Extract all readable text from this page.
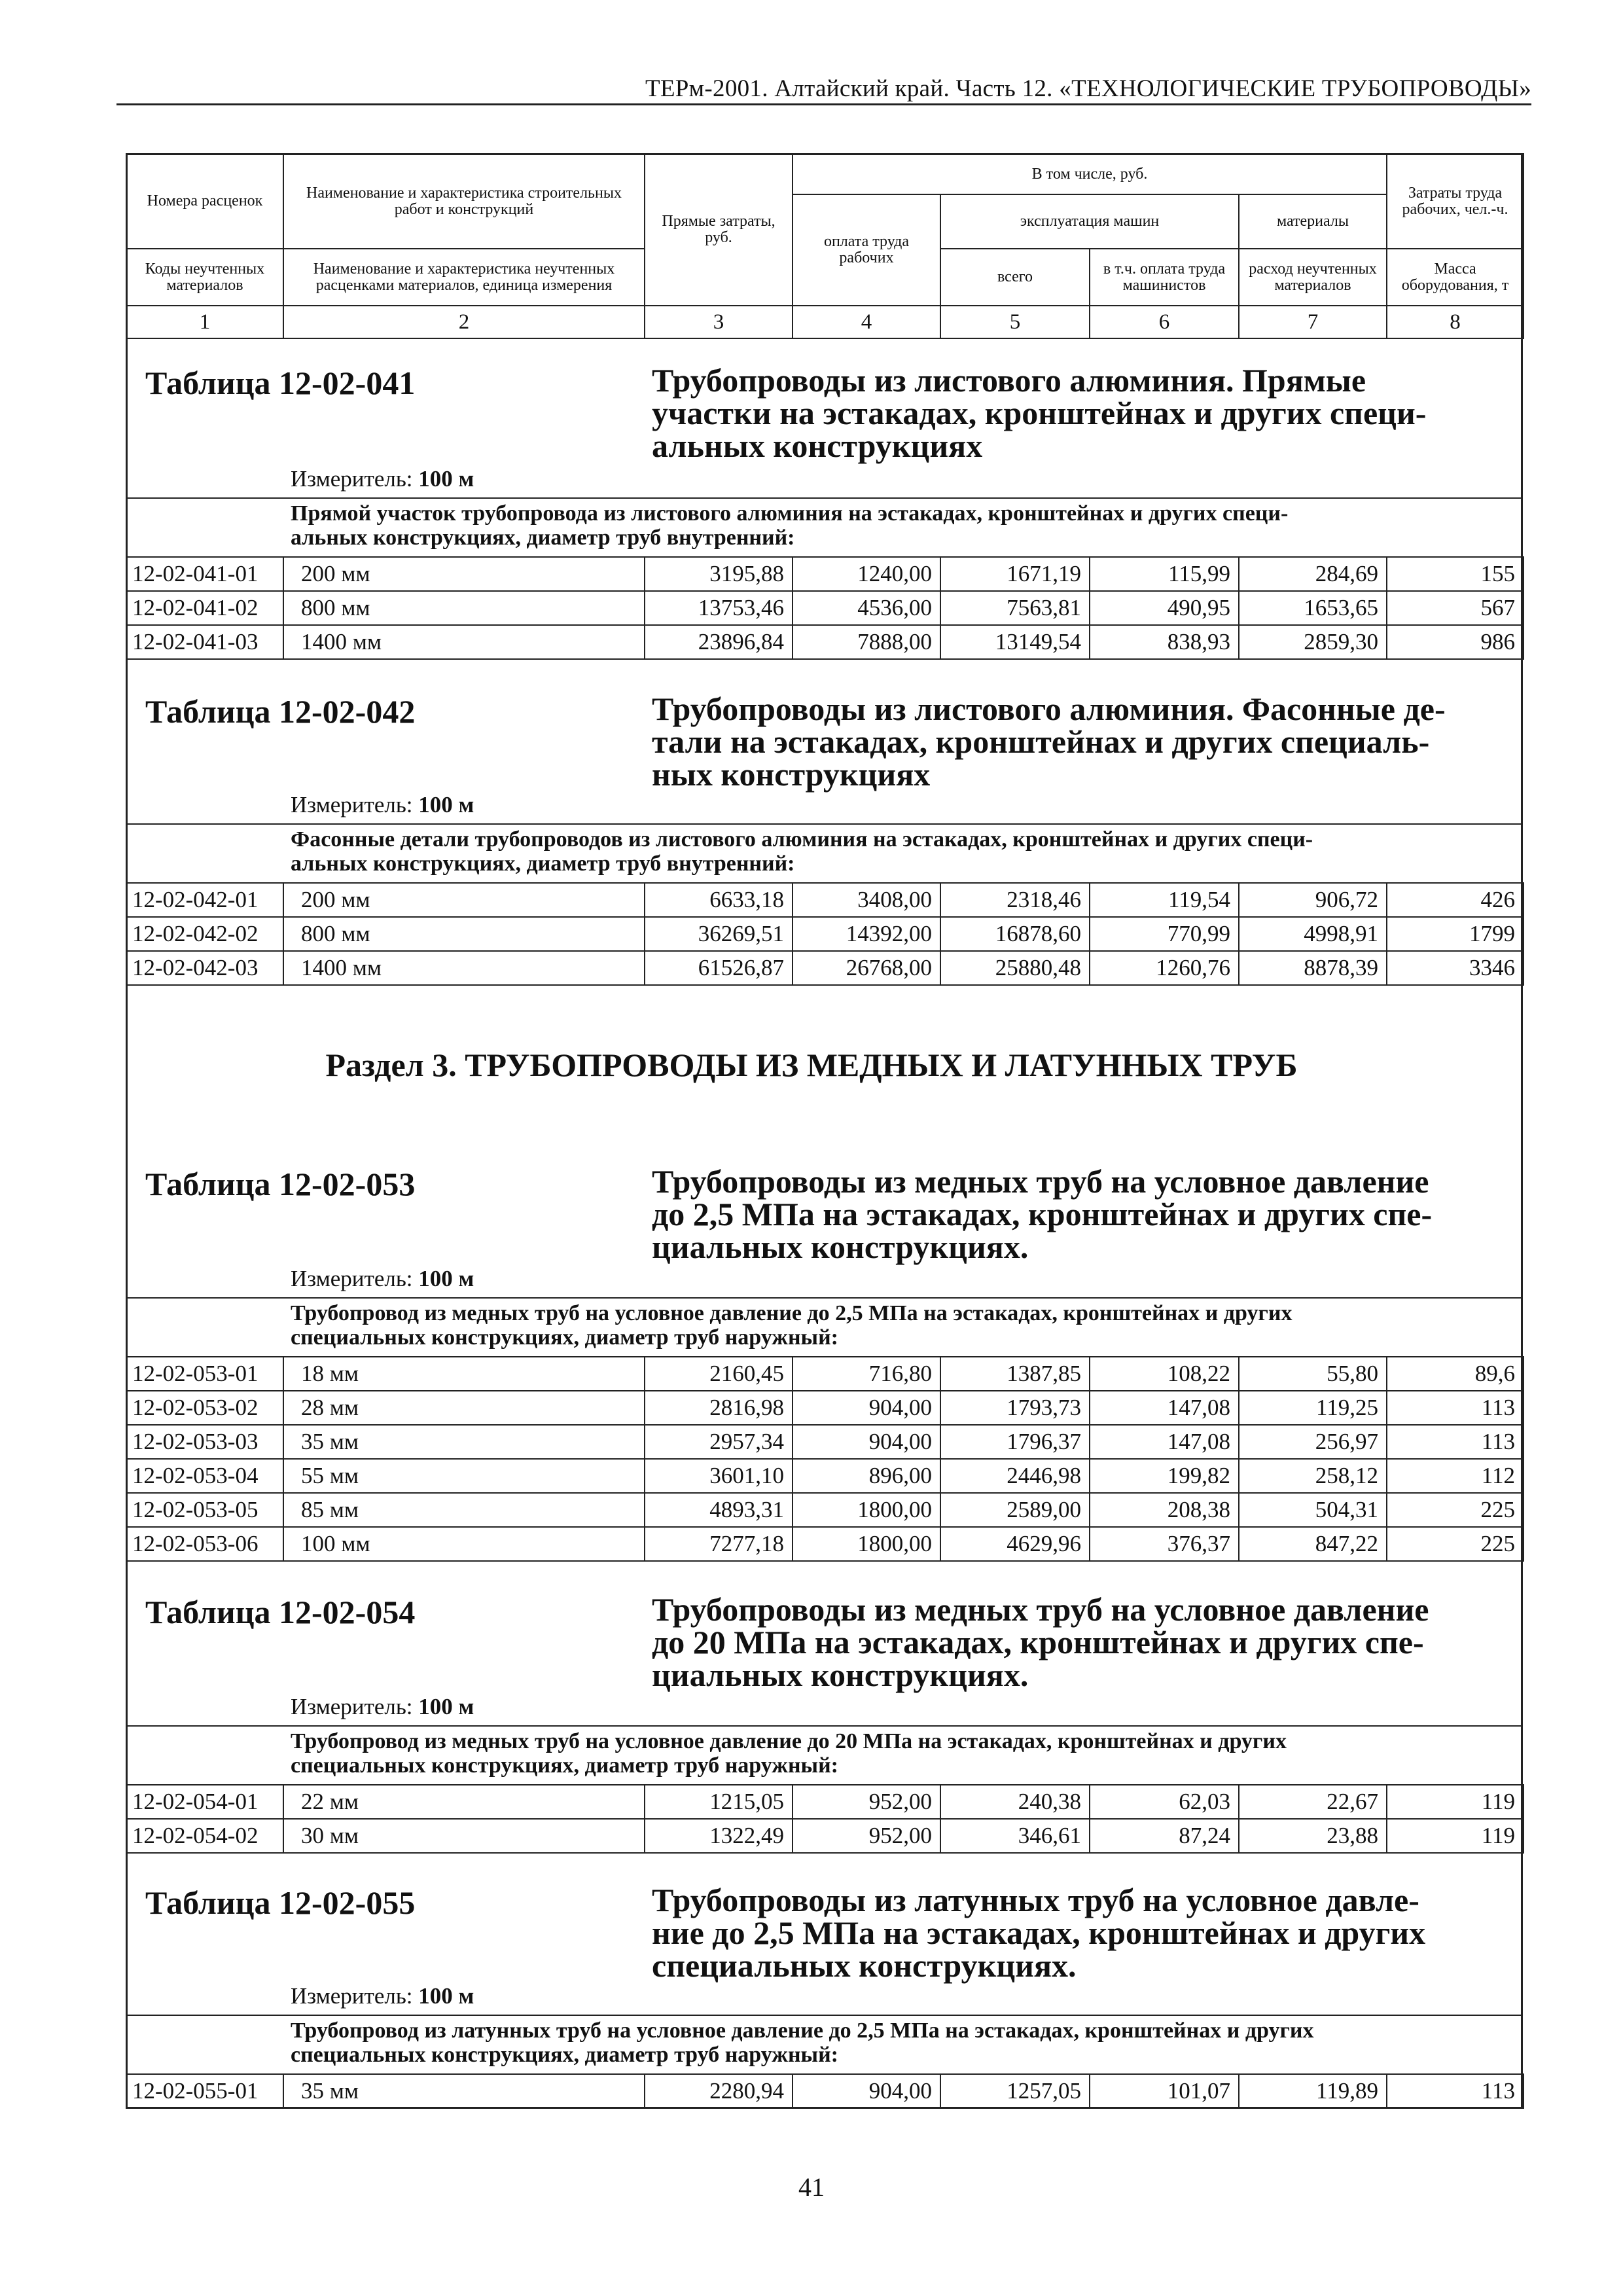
ТЕРм-2001. Алтайский край. Часть 12. «ТЕХНОЛОГИЧЕСКИЕ ТРУБОПРОВОДЫ»
Номера расценок	Наименование и характеристика строительных работ и конструкций	Прямые затраты, руб.	В том числе, руб.				Затраты труда рабочих, чел.-ч.
			оплата труда рабочих	эксплуатация машин		материалы	
Коды неучтенных материалов	Наименование и характеристика неучтенных расценками материалов, единица измерения			всего	в т.ч. оплата труда машинистов	расход неучтенных материалов	Масса оборудования, т
1	2	3	4	5	6	7	8
Таблица 12-02-041	Трубопроводы из листового алюминия. Прямые
участки на эстакадах, кронштейнах и других специ-
альных конструкциях
Измеритель: 100 м
Прямой участок трубопровода из листового алюминия на эстакадах, кронштейнах и других специ-
альных конструкциях, диаметр труб внутренний:
12-02-041-01	200 мм	3195,88	1240,00	1671,19	115,99	284,69	155
12-02-041-02	800 мм	13753,46	4536,00	7563,81	490,95	1653,65	567
12-02-041-03	1400 мм	23896,84	7888,00	13149,54	838,93	2859,30	986
Таблица 12-02-042	Трубопроводы из листового алюминия. Фасонные де-
тали на эстакадах, кронштейнах и других специаль-
ных конструкциях
Измеритель: 100 м
Фасонные детали трубопроводов из листового алюминия на эстакадах, кронштейнах и других специ-
альных конструкциях, диаметр труб внутренний:
12-02-042-01	200 мм	6633,18	3408,00	2318,46	119,54	906,72	426
12-02-042-02	800 мм	36269,51	14392,00	16878,60	770,99	4998,91	1799
12-02-042-03	1400 мм	61526,87	26768,00	25880,48	1260,76	8878,39	3346
Раздел 3. ТРУБОПРОВОДЫ ИЗ МЕДНЫХ И ЛАТУННЫХ ТРУБ
Таблица 12-02-053	Трубопроводы из медных труб на условное давление
до 2,5 МПа на эстакадах, кронштейнах и других спе-
циальных конструкциях.
Измеритель: 100 м
Трубопровод из медных труб на условное давление до 2,5 МПа на эстакадах, кронштейнах и других
специальных конструкциях, диаметр труб наружный:
12-02-053-01	18 мм	2160,45	716,80	1387,85	108,22	55,80	89,6
12-02-053-02	28 мм	2816,98	904,00	1793,73	147,08	119,25	113
12-02-053-03	35 мм	2957,34	904,00	1796,37	147,08	256,97	113
12-02-053-04	55 мм	3601,10	896,00	2446,98	199,82	258,12	112
12-02-053-05	85 мм	4893,31	1800,00	2589,00	208,38	504,31	225
12-02-053-06	100 мм	7277,18	1800,00	4629,96	376,37	847,22	225
Таблица 12-02-054	Трубопроводы из медных труб на условное давление
до 20 МПа на эстакадах, кронштейнах и других спе-
циальных конструкциях.
Измеритель: 100 м
Трубопровод из медных труб на условное давление до 20 МПа на эстакадах, кронштейнах и других
специальных конструкциях, диаметр труб наружный:
12-02-054-01	22 мм	1215,05	952,00	240,38	62,03	22,67	119
12-02-054-02	30 мм	1322,49	952,00	346,61	87,24	23,88	119
Таблица 12-02-055	Трубопроводы из латунных труб на условное давле-
ние до 2,5 МПа на эстакадах, кронштейнах и других
специальных конструкциях.
Измеритель: 100 м
Трубопровод из латунных труб на условное давление до 2,5 МПа на эстакадах, кронштейнах и других
специальных конструкциях, диаметр труб наружный:
12-02-055-01	35 мм	2280,94	904,00	1257,05	101,07	119,89	113
41
